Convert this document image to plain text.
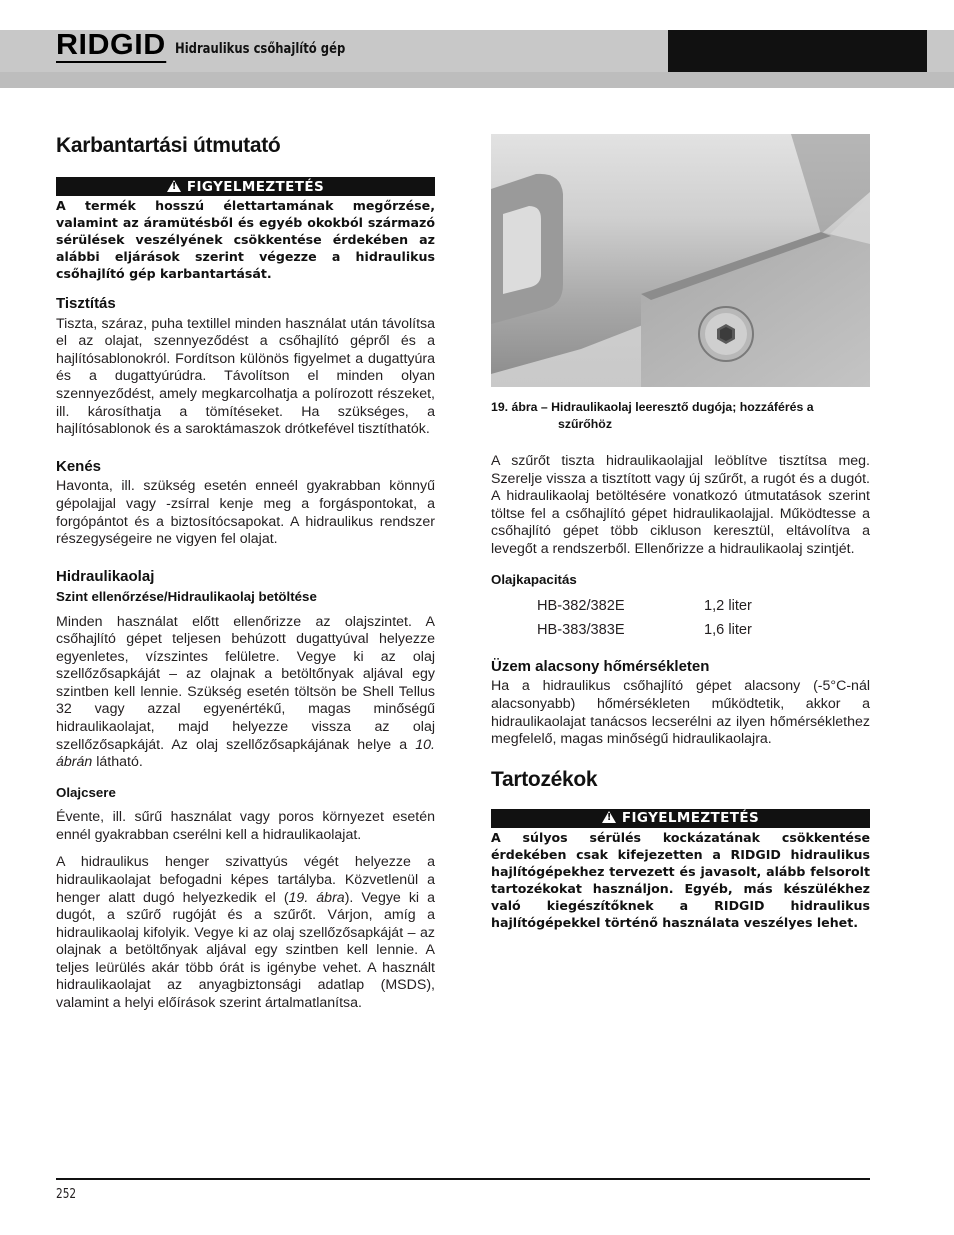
RIDGID Hidraulikus csőhajlító gép
Karbantartási útmutató
!
FIGYELMEZTETÉS

A termék hosszú élettartamának megőrzése, valamint az áramütésből és egyéb okokból származó sérülések veszélyének csökkentése érdekében az alábbi eljárások szerint végezze a hidraulikus csőhajlító gép karbantartását.

Tisztítás

Tiszta, száraz, puha textillel minden használat után távolítsa el az olajat, szennyeződést a csőhajlító gépről és a hajlítósablonokról. Fordítson különös figyelmet a dugattyúra és a dugattyúrúdra. Távolítson el minden olyan szennyeződést, amely megkarcolhatja a polírozott részeket, ill. károsíthatja a tömítéseket. Ha szükséges, a hajlítósablonok és a saroktámaszok drótkefével tisztíthatók.

Kenés

Havonta, ill. szükség esetén enneél gyakrabban könnyű gépolajjal vagy -zsírral kenje meg a forgáspontokat, a forgópántot és a biztosítócsapokat. A hidraulikus rendszer részegységeire ne vigyen fel olajat.

Hidraulikaolaj
Szint ellenőrzése/Hidraulikaolaj betöltése

Minden használat előtt ellenőrizze az olajszintet. A csőhajlító gépet teljesen behúzott dugattyúval helyezze egyenletes, vízszintes felületre. Vegye ki az olaj szellőzősapkáját – az olajnak a betöltőnyak aljával egy szintben kell lennie. Szükség esetén töltsön be Shell Tellus 32 vagy azzal egyenértékű, magas minőségű hidraulikaolajat, majd helyezze vissza az olaj szellőzősapkáját. Az olaj szellőzősapkájának helye a 10. ábrán látható.

Olajcsere

Évente, ill. sűrű használat vagy poros környezet esetén ennél gyakrabban cserélni kell a hidraulikaolajat.

A hidraulikus henger szivattyús végét helyezze a hidraulikaolajat befogadni képes tartályba. Közvetlenül a henger alatt dugó helyezkedik el (19. ábra). Vegye ki a dugót, a szűrő rugóját és a szűrőt. Várjon, amíg a hidraulikaolaj kifolyik. Vegye ki az olaj szellőzősapkáját – az olajnak a betöltőnyak aljával egy szintben kell lennie. A teljes leürülés akár több órát is igénybe vehet. A használt hidraulikaolajat az anyagbiztonsági adatlap (MSDS), valamint a helyi előírások szerint ártalmatlanítsa.

19. ábra – Hidraulikaolaj leeresztő dugója; hozzáférés a
szűrőhöz

A szűrőt tiszta hidraulikaolajjal leöblítve tisztítsa meg. Szerelje vissza a tisztított vagy új szűrőt, a rugót és a dugót. A hidraulikaolaj betöltésére vonatkozó útmutatások szerint töltse fel a csőhajlító gépet hidraulikaolajjal. Működtesse a csőhajlító gépet több cikluson keresztül, eltávolítva a levegőt a rendszerből. Ellenőrizze a hidraulikaolaj szintjét.

Olajkapacitás
HB-382/382E	1,2 liter
HB-383/383E	1,6 liter
Üzem alacsony hőmérsékleten

Ha a hidraulikus csőhajlító gépet alacsony (-5°C-nál alacsonyabb) hőmérsékleten működtetik, akkor a hidraulikaolajat tanácsos lecserélni az ilyen hőmérséklethez megfelelő, magas minőségű hidraulikaolajra.

Tartozékok
!
FIGYELMEZTETÉS

A súlyos sérülés kockázatának csökkentése érdekében csak kifejezetten a RIDGID hidraulikus hajlítógépekhez tervezett és javasolt, alább felsorolt tartozékokat használjon. Egyéb, más készülékhez való kiegészítőknek a RIDGID hidraulikus hajlítógépekkel történő használata veszélyes lehet.

252
